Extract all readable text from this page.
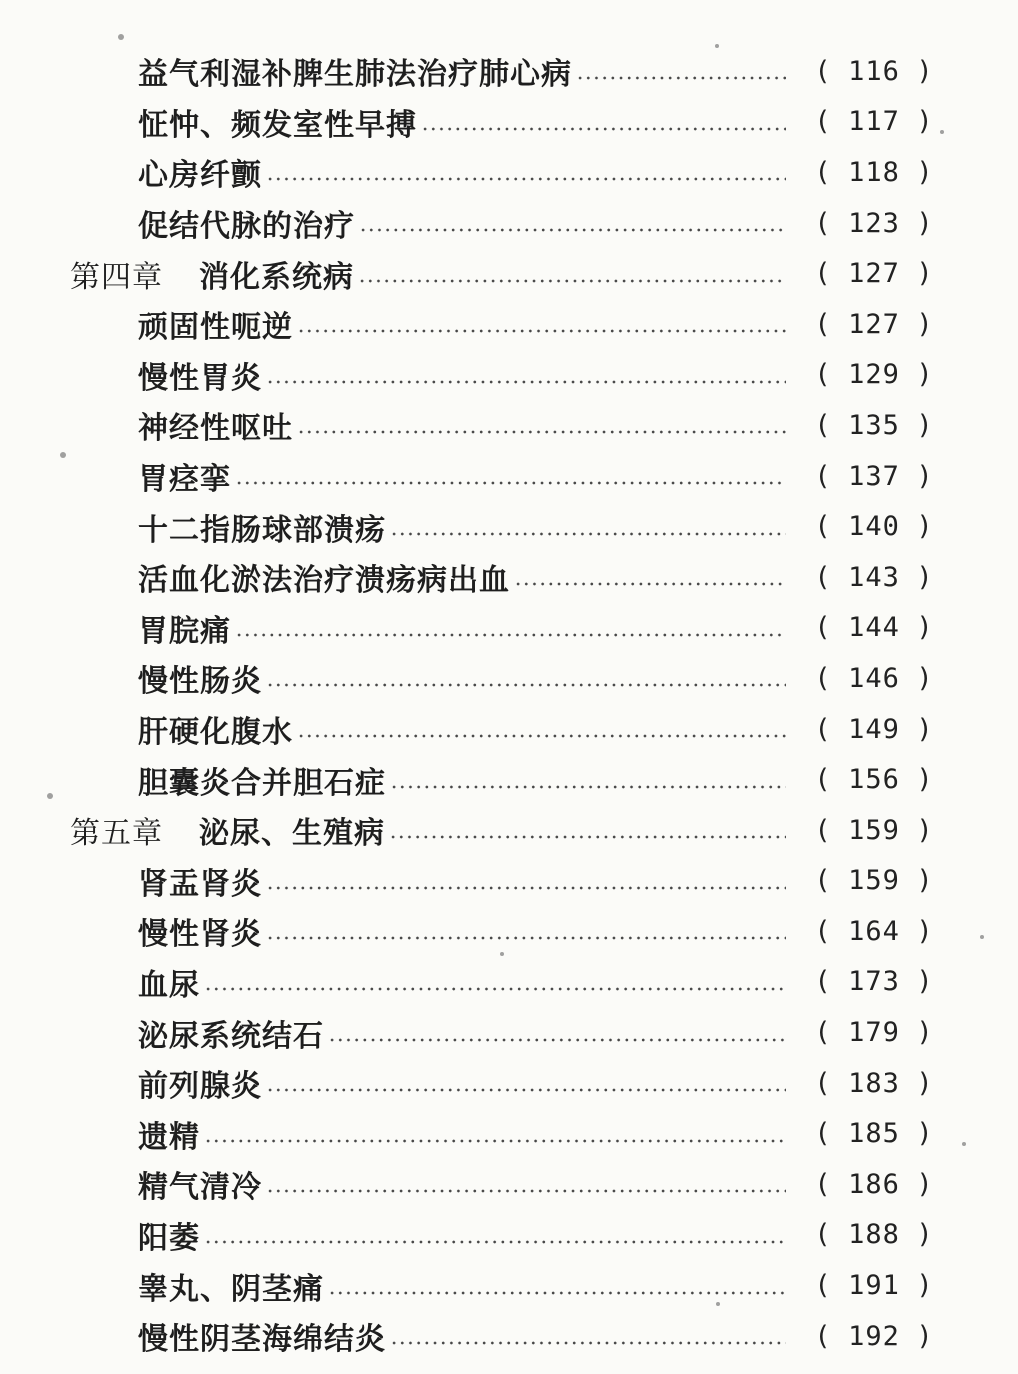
益气利湿补脾生肺法治疗肺心病	( 116 )
怔忡、频发室性早搏	( 117 )
心房纤颤	( 118 )
促结代脉的治疗	( 123 )
第四章 消化系统病	( 127 )
顽固性呃逆	( 127 )
慢性胃炎	( 129 )
神经性呕吐	( 135 )
胃痉挛	( 137 )
十二指肠球部溃疡	( 140 )
活血化淤法治疗溃疡病出血	( 143 )
胃脘痛	( 144 )
慢性肠炎	( 146 )
肝硬化腹水	( 149 )
胆囊炎合并胆石症	( 156 )
第五章 泌尿、生殖病	( 159 )
肾盂肾炎	( 159 )
慢性肾炎	( 164 )
血尿	( 173 )
泌尿系统结石	( 179 )
前列腺炎	( 183 )
遗精	( 185 )
精气清冷	( 186 )
阳萎	( 188 )
睾丸、阴茎痛	( 191 )
慢性阴茎海绵结炎	( 192 )
